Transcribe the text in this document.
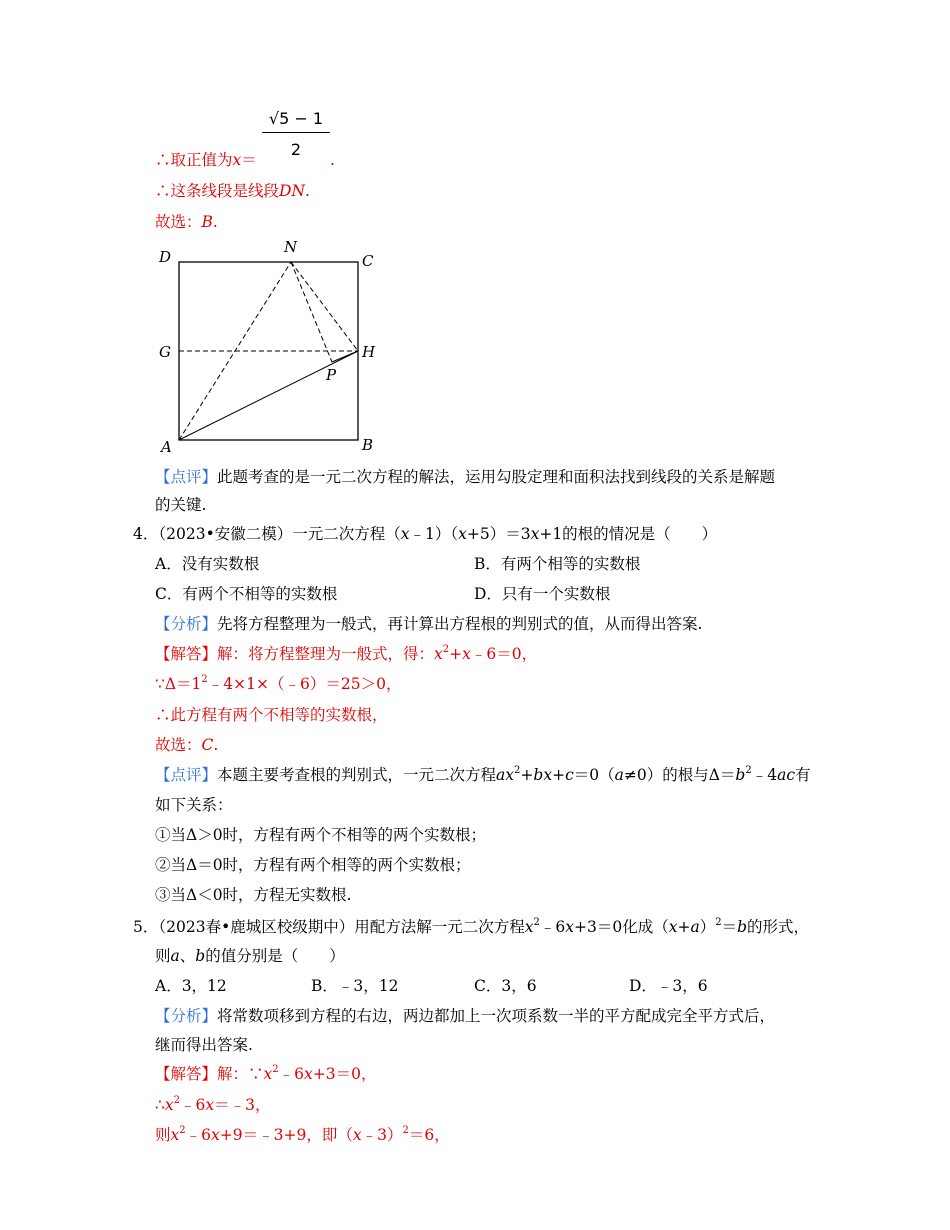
√5 − 1
2
∴取正值为x＝	.
∴这条线段是线段DN.
故选：B.
D
N
C
G	H
P
A	B
【点评】此题考查的是一元二次方程的解法，运用勾股定理和面积法找到线段的关系是解题
的关键.
4．（2023•安徽二模）一元二次方程（x﹣1）（x+5）＝3x+1的根的情况是（　　）
A．没有实数根	B．有两个相等的实数根
C．有两个不相等的实数根	D．只有一个实数根
【分析】先将方程整理为一般式，再计算出方程根的判别式的值，从而得出答案.
【解答】解：将方程整理为一般式，得：$x^2+x﹣6=0$，
$\because\Delta=1^2﹣4\times 1\times(﹣6)=25>0$，
∴此方程有两个不相等的实数根，
故选：C.
【点评】本题主要考查根的判别式，一元二次方程$ax^2+bx+c=0(a\ne 0)$的根与$\Delta=b^2﹣4ac$有
如下关系：
①当Δ＞0时，方程有两个不相等的两个实数根；
②当Δ＝0时，方程有两个相等的两个实数根；
③当Δ＜0时，方程无实数根.
5．（2023春•鹿城区校级期中）用配方法解一元二次方程$x^2﹣6x+3=0$化成$(x+a)^2=b$的形式，
则a、b的值分别是（　　）
A．3，12	B．﹣3，12	C．3，6	D．﹣3，6
【分析】将常数项移到方程的右边，两边都加上一次项系数一半的平方配成完全平方式后，
继而得出答案.
【解答】解：$\because x^2﹣6x+3=0$，
$\therefore x^2﹣6x=﹣3$，
则$x^2﹣6x+9=﹣3+9$，即（x﹣3）$^2$＝6，
